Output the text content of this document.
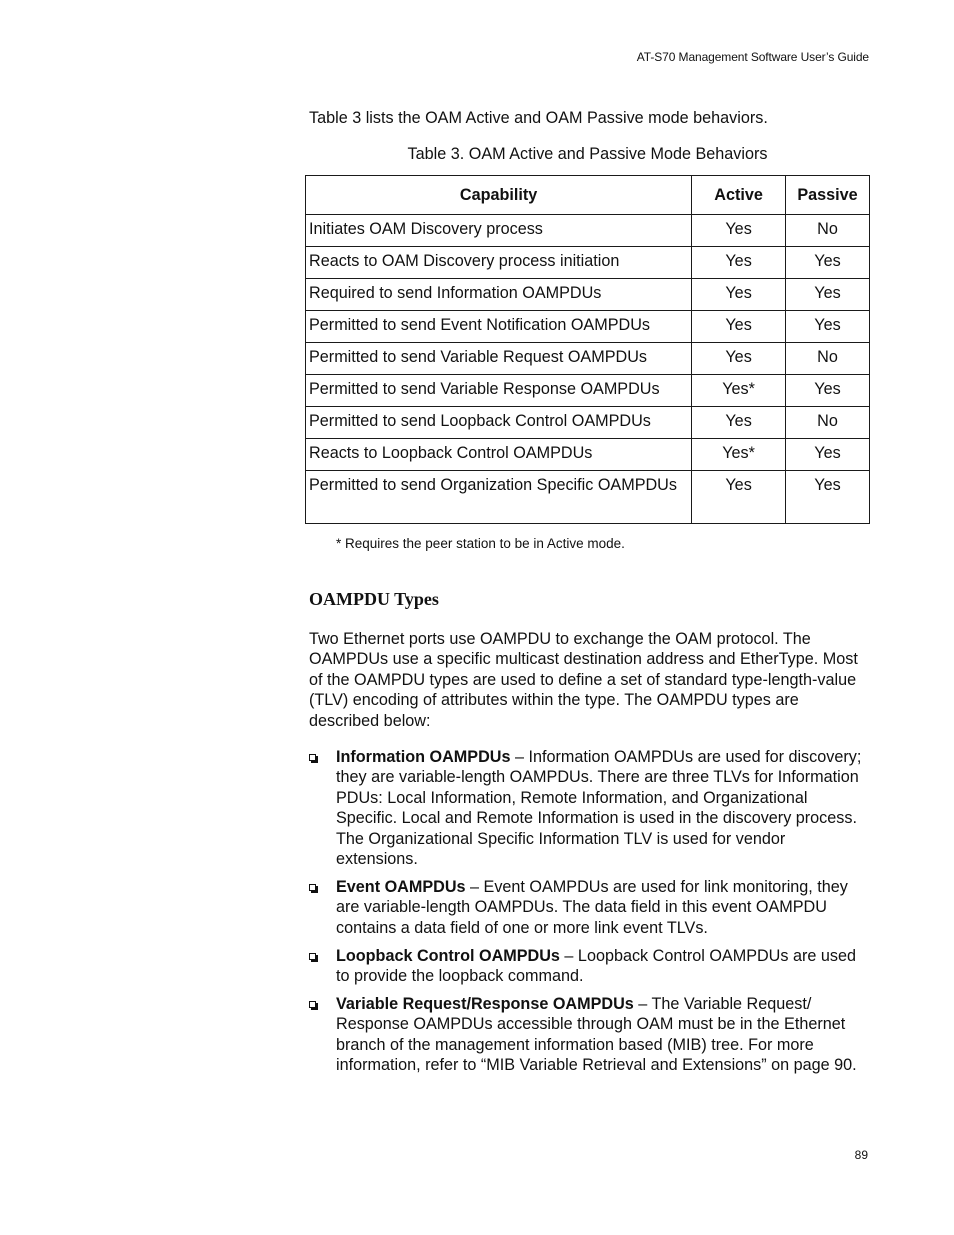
AT-S70 Management Software User’s Guide
Table 3 lists the OAM Active and OAM Passive mode behaviors.
Table 3. OAM Active and Passive Mode Behaviors
Capability	Active	Passive
Initiates OAM Discovery process	Yes	No
Reacts to OAM Discovery process initiation	Yes	Yes
Required to send Information OAMPDUs	Yes	Yes
Permitted to send Event Notification OAMPDUs	Yes	Yes
Permitted to send Variable Request OAMPDUs	Yes	No
Permitted to send Variable Response OAMPDUs	Yes*	Yes
Permitted to send Loopback Control OAMPDUs	Yes	No
Reacts to Loopback Control OAMPDUs	Yes*	Yes
Permitted to send Organization Specific OAMPDUs	Yes	Yes
* Requires the peer station to be in Active mode.
OAMPDU Types
Two Ethernet ports use OAMPDU to exchange the OAM protocol. The OAMPDUs use a specific multicast destination address and EtherType. Most of the OAMPDU types are used to define a set of standard type-length-value (TLV) encoding of attributes within the type. The OAMPDU types are described below:
Information OAMPDUs – Information OAMPDUs are used for discovery; they are variable-length OAMPDUs. There are three TLVs for Information PDUs: Local Information, Remote Information, and Organizational Specific. Local and Remote Information is used in the discovery process. The Organizational Specific Information TLV is used for vendor extensions.
Event OAMPDUs – Event OAMPDUs are used for link monitoring, they are variable-length OAMPDUs. The data field in this event OAMPDU contains a data field of one or more link event TLVs.
Loopback Control OAMPDUs – Loopback Control OAMPDUs are used to provide the loopback command.
Variable Request/Response OAMPDUs – The Variable Request/ Response OAMPDUs accessible through OAM must be in the Ethernet branch of the management information based (MIB) tree. For more information, refer to “MIB Variable Retrieval and Extensions” on page 90.
89
